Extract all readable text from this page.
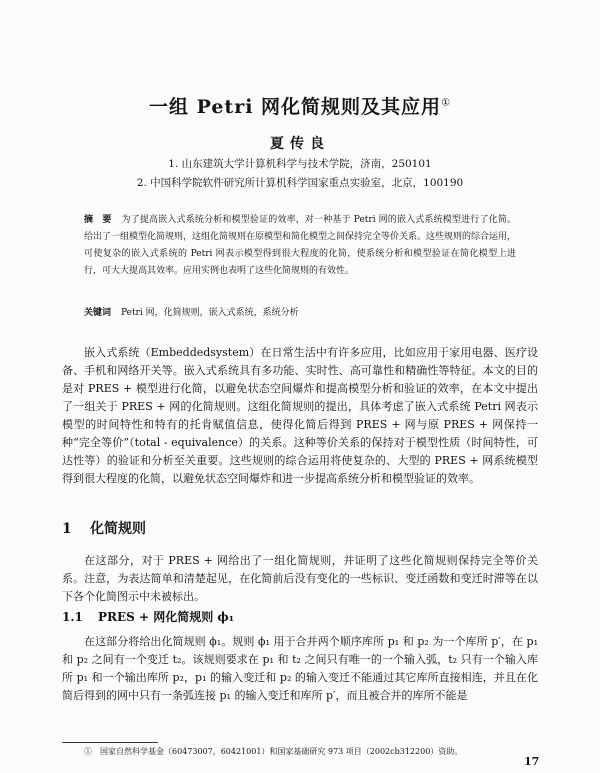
一组 Petri 网化简规则及其应用①
夏传良
1. 山东建筑大学计算机科学与技术学院，济南，250101
2. 中国科学院软件研究所计算机科学国家重点实验室，北京，100190
摘　要 为了提高嵌入式系统分析和模型验证的效率，对一种基于 Petri 网的嵌入式系统模型进行了化简。给出了一组模型化简规则，这组化简规则在原模型和简化模型之间保持完全等价关系。这些规则的综合运用，可使复杂的嵌入式系统的 Petri 网表示模型得到很大程度的化简，使系统分析和模型验证在简化模型上进行，可大大提高其效率。应用实例也表明了这些化简规则的有效性。
关键词 Petri 网，化简规则，嵌入式系统，系统分析
嵌入式系统（Embeddedsystem）在日常生活中有许多应用，比如应用于家用电器、医疗设备、手机和网络开关等。嵌入式系统具有多功能、实时性、高可靠性和精确性等特征。本文的目的是对 PRES + 模型进行化简，以避免状态空间爆炸和提高模型分析和验证的效率，在本文中提出了一组关于 PRES + 网的化简规则。这组化简规则的提出，具体考虑了嵌入式系统 Petri 网表示模型的时间特性和特有的托肯赋值信息，使得化简后得到 PRES + 网与原 PRES + 网保持一种“完全等价”（total - equivalence）的关系。这种等价关系的保持对于模型性质（时间特性，可达性等）的验证和分析至关重要。这些规则的综合运用将使复杂的、大型的 PRES + 网系统模型得到很大程度的化简，以避免状态空间爆炸和进一步提高系统分析和模型验证的效率。
1 化简规则
在这部分，对于 PRES + 网给出了一组化简规则，并证明了这些化简规则保持完全等价关系。注意，为表达简单和清楚起见，在化简前后没有变化的一些标识、变迁函数和变迁时滞等在以下各个化简图示中未被标出。
1.1 PRES + 网化简规则 ϕ₁
在这部分将给出化简规则 ϕ₁。规则 ϕ₁ 用于合并两个顺序库所 p₁ 和 p₂ 为一个库所 p′，在 p₁ 和 p₂ 之间有一个变迁 t₂。该规则要求在 p₁ 和 t₂ 之间只有唯一的一个输入弧，t₂ 只有一个输入库所 p₁ 和一个输出库所 p₂，p₁ 的输入变迁和 p₂ 的输入变迁不能通过其它库所直接相连，并且在化简后得到的网中只有一条弧连接 p₁ 的输入变迁和库所 p′，而且被合并的库所不能是
①　国家自然科学基金（60473007，60421001）和国家基础研究 973 项目（2002cb312200）资助。
17
